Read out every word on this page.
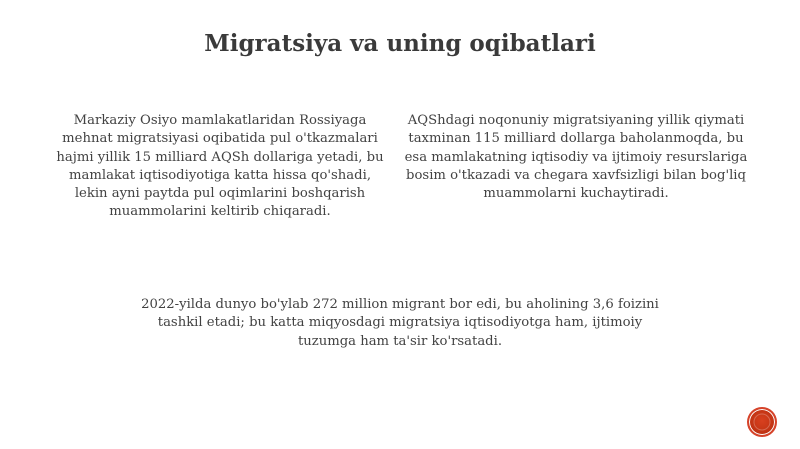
Migratsiya va uning oqibatlari

Markaziy Osiyo mamlakatlaridan Rossiyaga mehnat migratsiyasi oqibatida pul o'tkazmalari hajmi yillik 15 milliard AQSh dollariga yetadi, bu mamlakat iqtisodiyotiga katta hissa qo'shadi, lekin ayni paytda pul oqimlarini boshqarish muammolarini keltirib chiqaradi.

AQShdagi noqonuniy migratsiyaning yillik qiymati taxminan 115 milliard dollarga baholanmoqda, bu esa mamlakatning iqtisodiy va ijtimoiy resurslariga bosim o'tkazadi va chegara xavfsizligi bilan bog'liq muammolarni kuchaytiradi.

2022-yilda dunyo bo'ylab 272 million migrant bor edi, bu aholining 3,6 foizini tashkil etadi; bu katta miqyosdagi migratsiya iqtisodiyotga ham, ijtimoiy tuzumga ham ta'sir ko'rsatadi.
